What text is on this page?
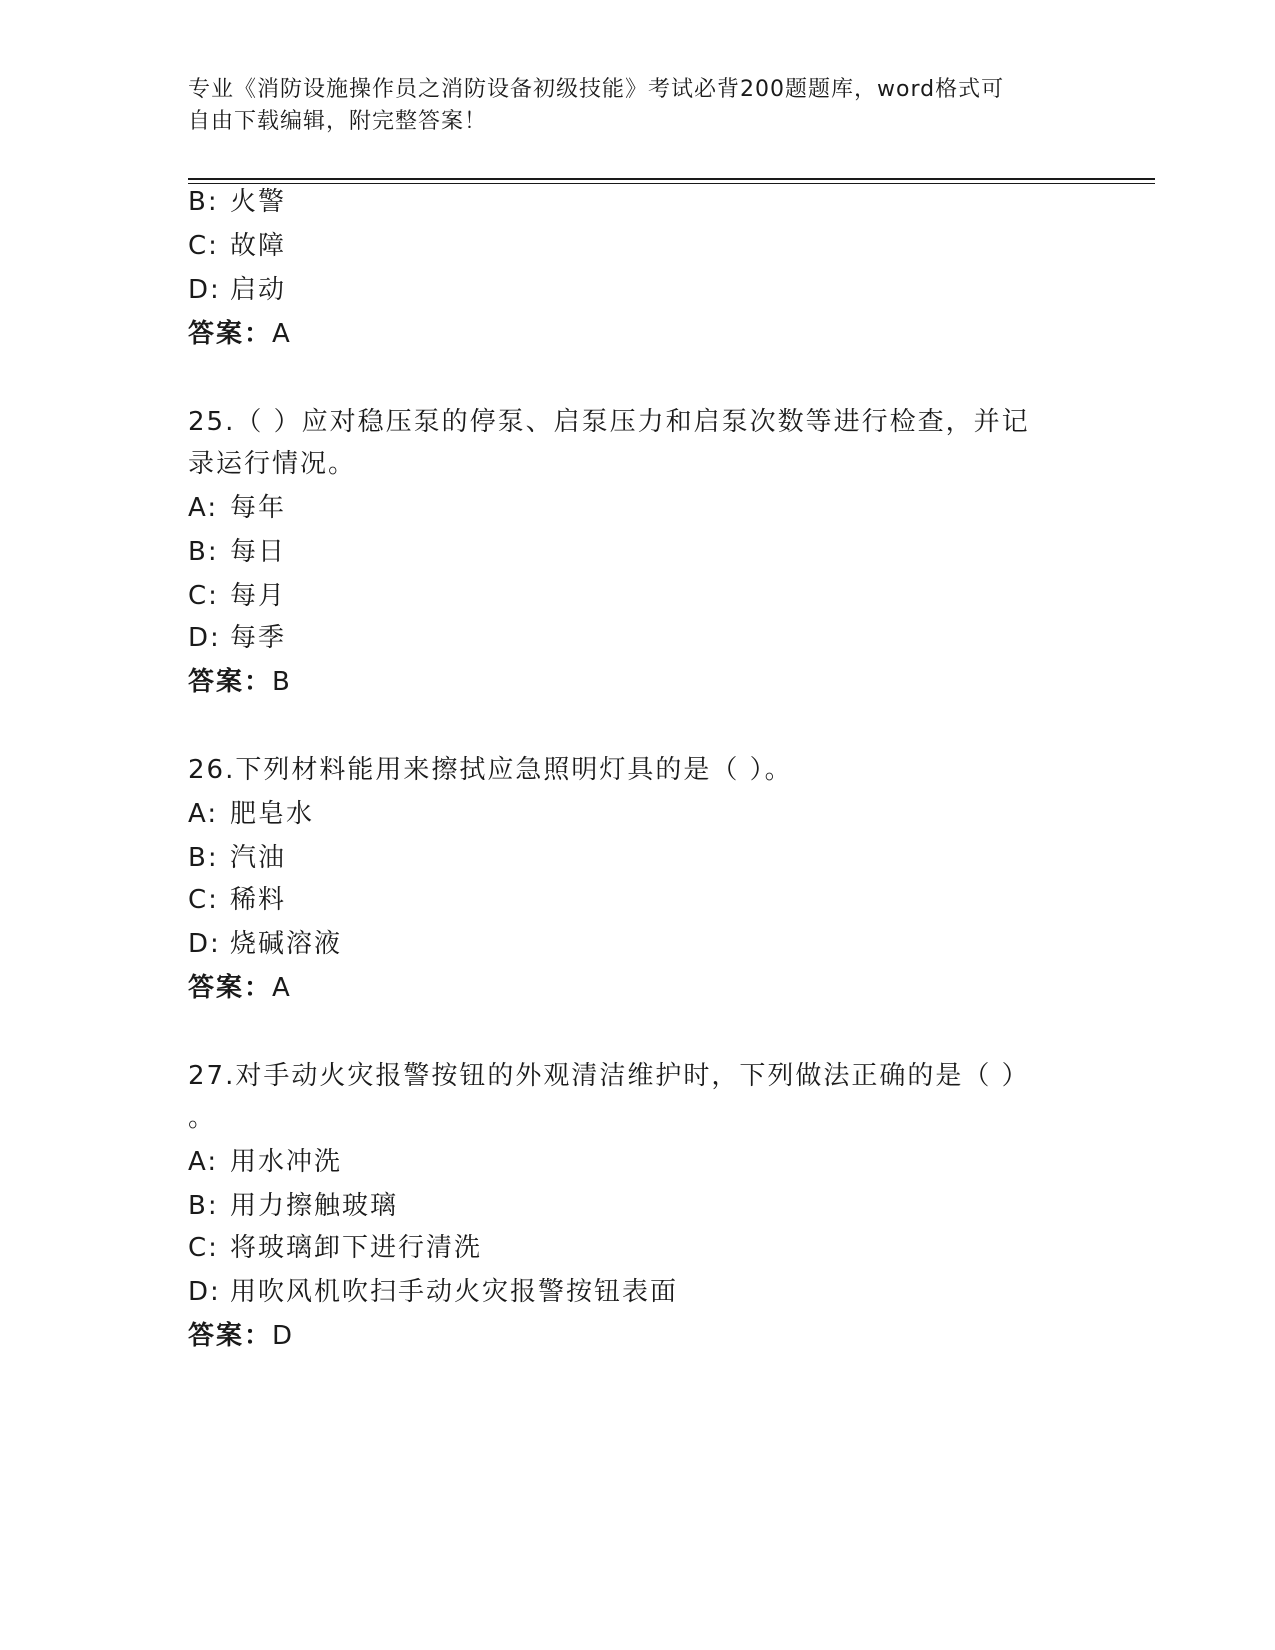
专业《消防设施操作员之消防设备初级技能》考试必背200题题库，word格式可
自由下载编辑，附完整答案！
B: 火警
C: 故障
D: 启动
答案：A
25.（ ）应对稳压泵的停泵、启泵压力和启泵次数等进行检查，并记
录运行情况。
A: 每年
B: 每日
C: 每月
D: 每季
答案：B
26.下列材料能用来擦拭应急照明灯具的是（ ）。
A: 肥皂水
B: 汽油
C: 稀料
D: 烧碱溶液
答案：A
27.对手动火灾报警按钮的外观清洁维护时，下列做法正确的是（ ）
。
A: 用水冲洗
B: 用力擦触玻璃
C: 将玻璃卸下进行清洗
D: 用吹风机吹扫手动火灾报警按钮表面
答案：D
